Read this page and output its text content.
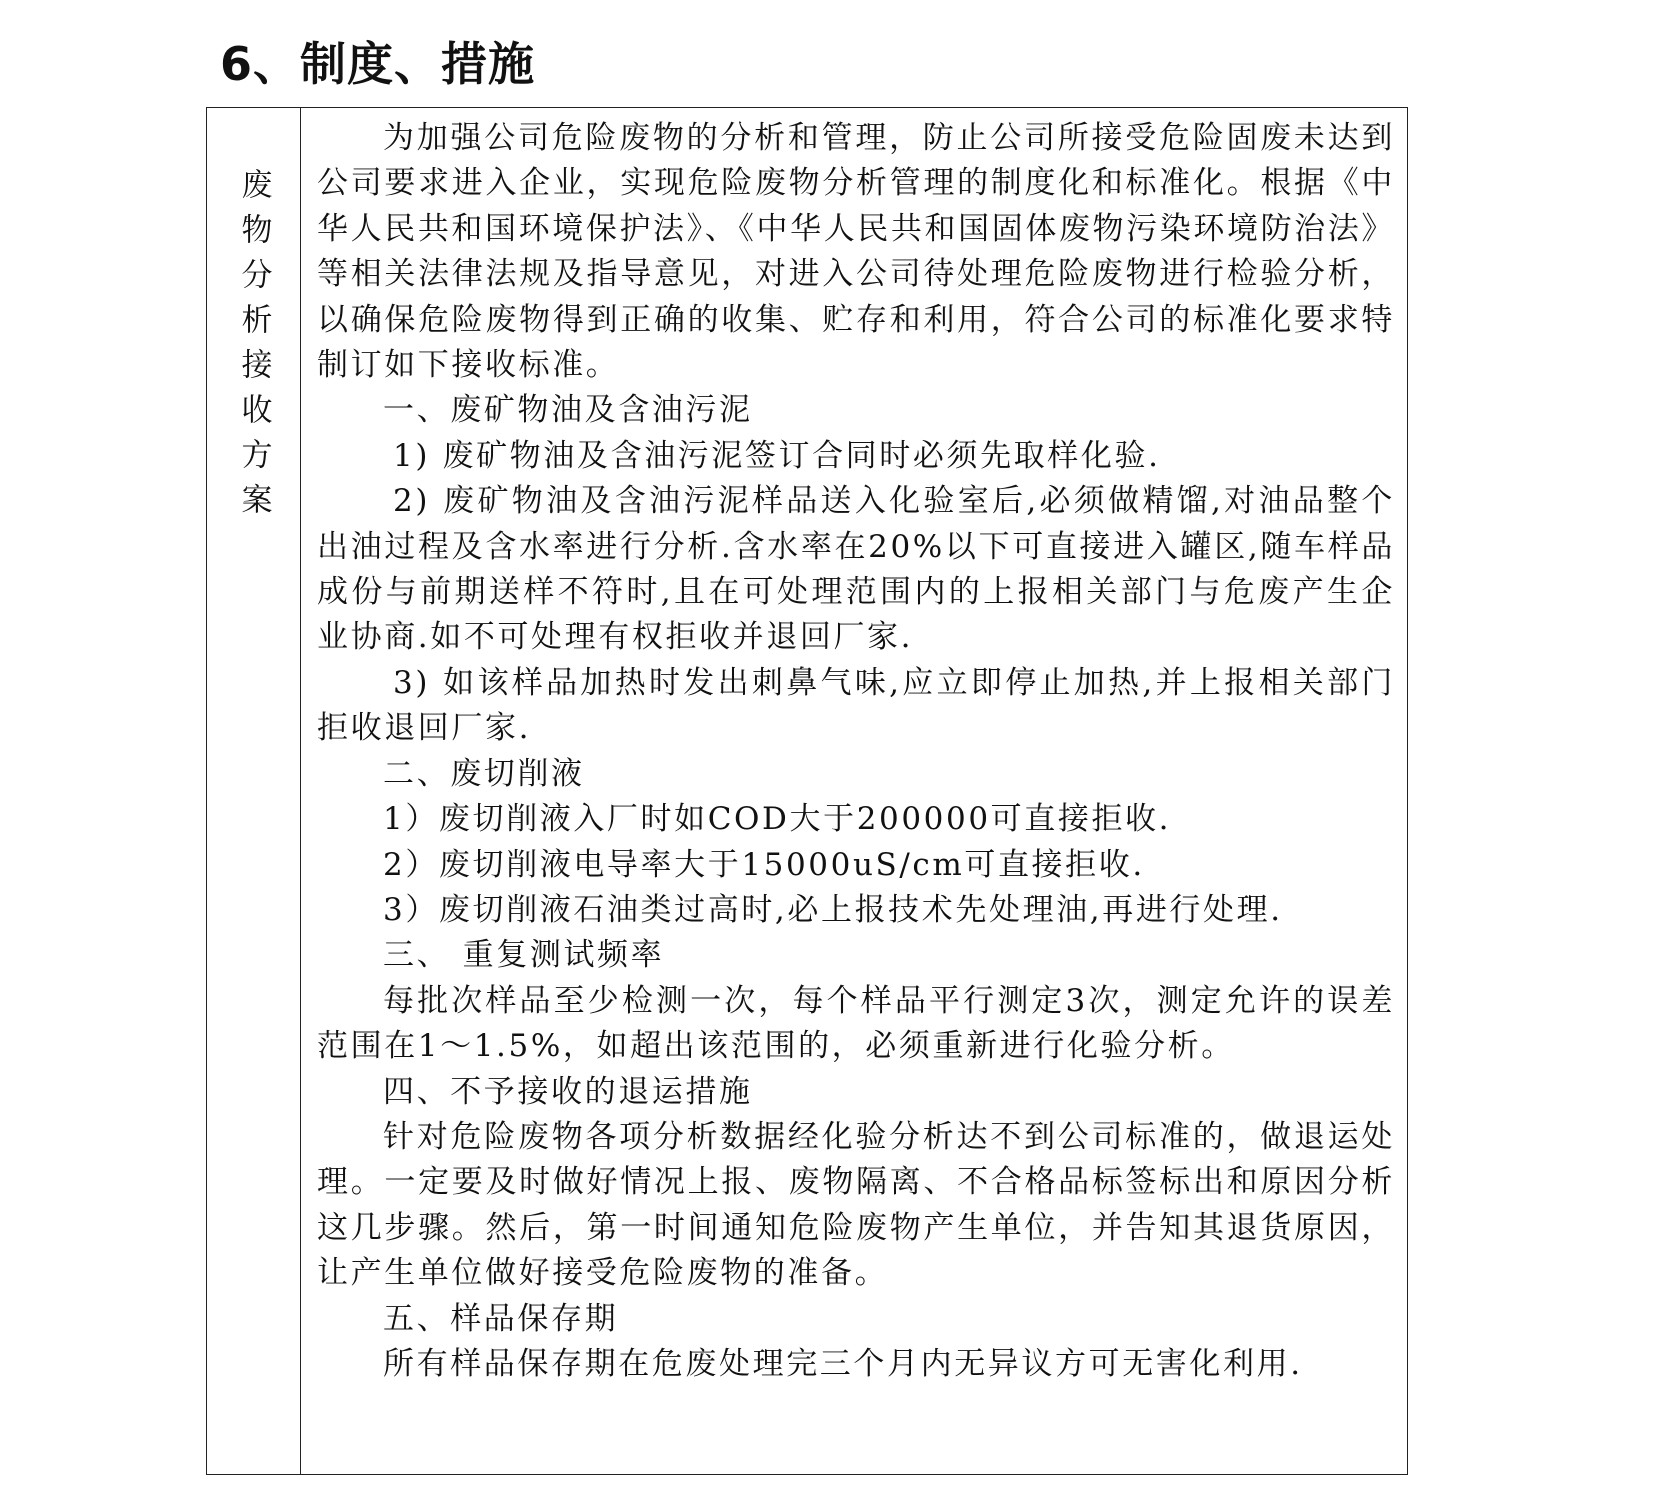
6、制度、措施
废物分析接收方案

为加强公司危险废物的分析和管理，防止公司所接受危险固废未达到公司要求进入企业，实现危险废物分析管理的制度化和标准化。根据《中华人民共和国环境保护法》、《中华人民共和国固体废物污染环境防治法》等相关法律法规及指导意见，对进入公司待处理危险废物进行检验分析，以确保危险废物得到正确的收集、贮存和利用，符合公司的标准化要求特制订如下接收标准。

一、废矿物油及含油污泥

1) 废矿物油及含油污泥签订合同时必须先取样化验.

2) 废矿物油及含油污泥样品送入化验室后,必须做精馏,对油品整个出油过程及含水率进行分析.含水率在20%以下可直接进入罐区,随车样品成份与前期送样不符时,且在可处理范围内的上报相关部门与危废产生企业协商.如不可处理有权拒收并退回厂家.

3) 如该样品加热时发出刺鼻气味,应立即停止加热,并上报相关部门拒收退回厂家.

二、废切削液

1）废切削液入厂时如COD大于200000可直接拒收.

2）废切削液电导率大于15000uS/cm可直接拒收.

3）废切削液石油类过高时,必上报技术先处理油,再进行处理.

三、 重复测试频率

每批次样品至少检测一次，每个样品平行测定3次，测定允许的误差范围在1～1.5%，如超出该范围的，必须重新进行化验分析。

四、不予接收的退运措施

针对危险废物各项分析数据经化验分析达不到公司标准的，做退运处理。一定要及时做好情况上报、废物隔离、不合格品标签标出和原因分析这几步骤。然后，第一时间通知危险废物产生单位，并告知其退货原因，让产生单位做好接受危险废物的准备。

五、样品保存期

所有样品保存期在危废处理完三个月内无异议方可无害化利用.
